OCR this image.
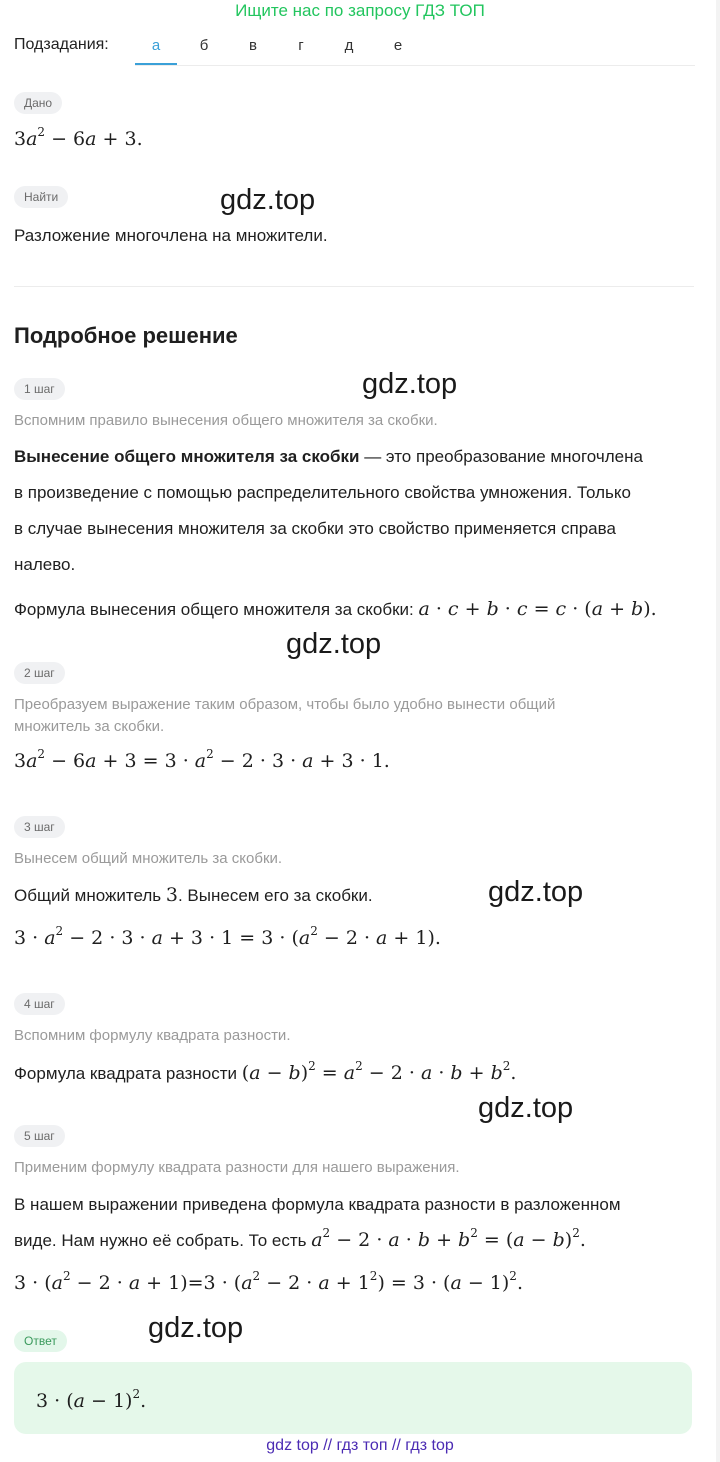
Ищите нас по запросу ГДЗ ТОП
Подзадания:	а	б	в	г	д	е
Дано
$3a^2 - 6a + 3$.
Найти	gdz.top
Разложение многочлена на множители.
Подробное решение
1 шаг	gdz.top
Вспомним правило вынесения общего множителя за скобки.
Вынесение общего множителя за скобки — это преобразование многочлена
в произведение с помощью распределительного свойства умножения. Только
в случае вынесения множителя за скобки это свойство применяется справа
налево.
Формула вынесения общего множителя за скобки: a · c + b · c = c · (a + b).
gdz.top
2 шаг
Преобразуем выражение таким образом, чтобы было удобно вынести общий
множитель за скобки.
$3a^2 - 6a + 3 = 3 \cdot a^2 - 2 \cdot 3 \cdot a + 3 \cdot 1$.
3 шаг
Вынесем общий множитель за скобки.
Общий множитель 3. Вынесем его за скобки.	gdz.top
$3 \cdot a^2 - 2 \cdot 3 \cdot a + 3 \cdot 1 = 3 \cdot (a^2 - 2 \cdot a + 1)$.
4 шаг
Вспомним формулу квадрата разности.
Формула квадрата разности $(a - b)^2 = a^2 - 2 \cdot a \cdot b + b^2$.
gdz.top
5 шаг
Применим формулу квадрата разности для нашего выражения.
В нашем выражении приведена формула квадрата разности в разложенном
виде. Нам нужно её собрать. То есть $a^2 - 2 \cdot a \cdot b + b^2 = (a - b)^2$.
$3 \cdot (a^2 - 2 \cdot a + 1)=3 \cdot (a^2 - 2 \cdot a + 1^2) = 3 \cdot (a - 1)^2$.
Ответ	gdz.top
$3 \cdot (a - 1)^2$.
gdz top // гдз топ // гдз top
